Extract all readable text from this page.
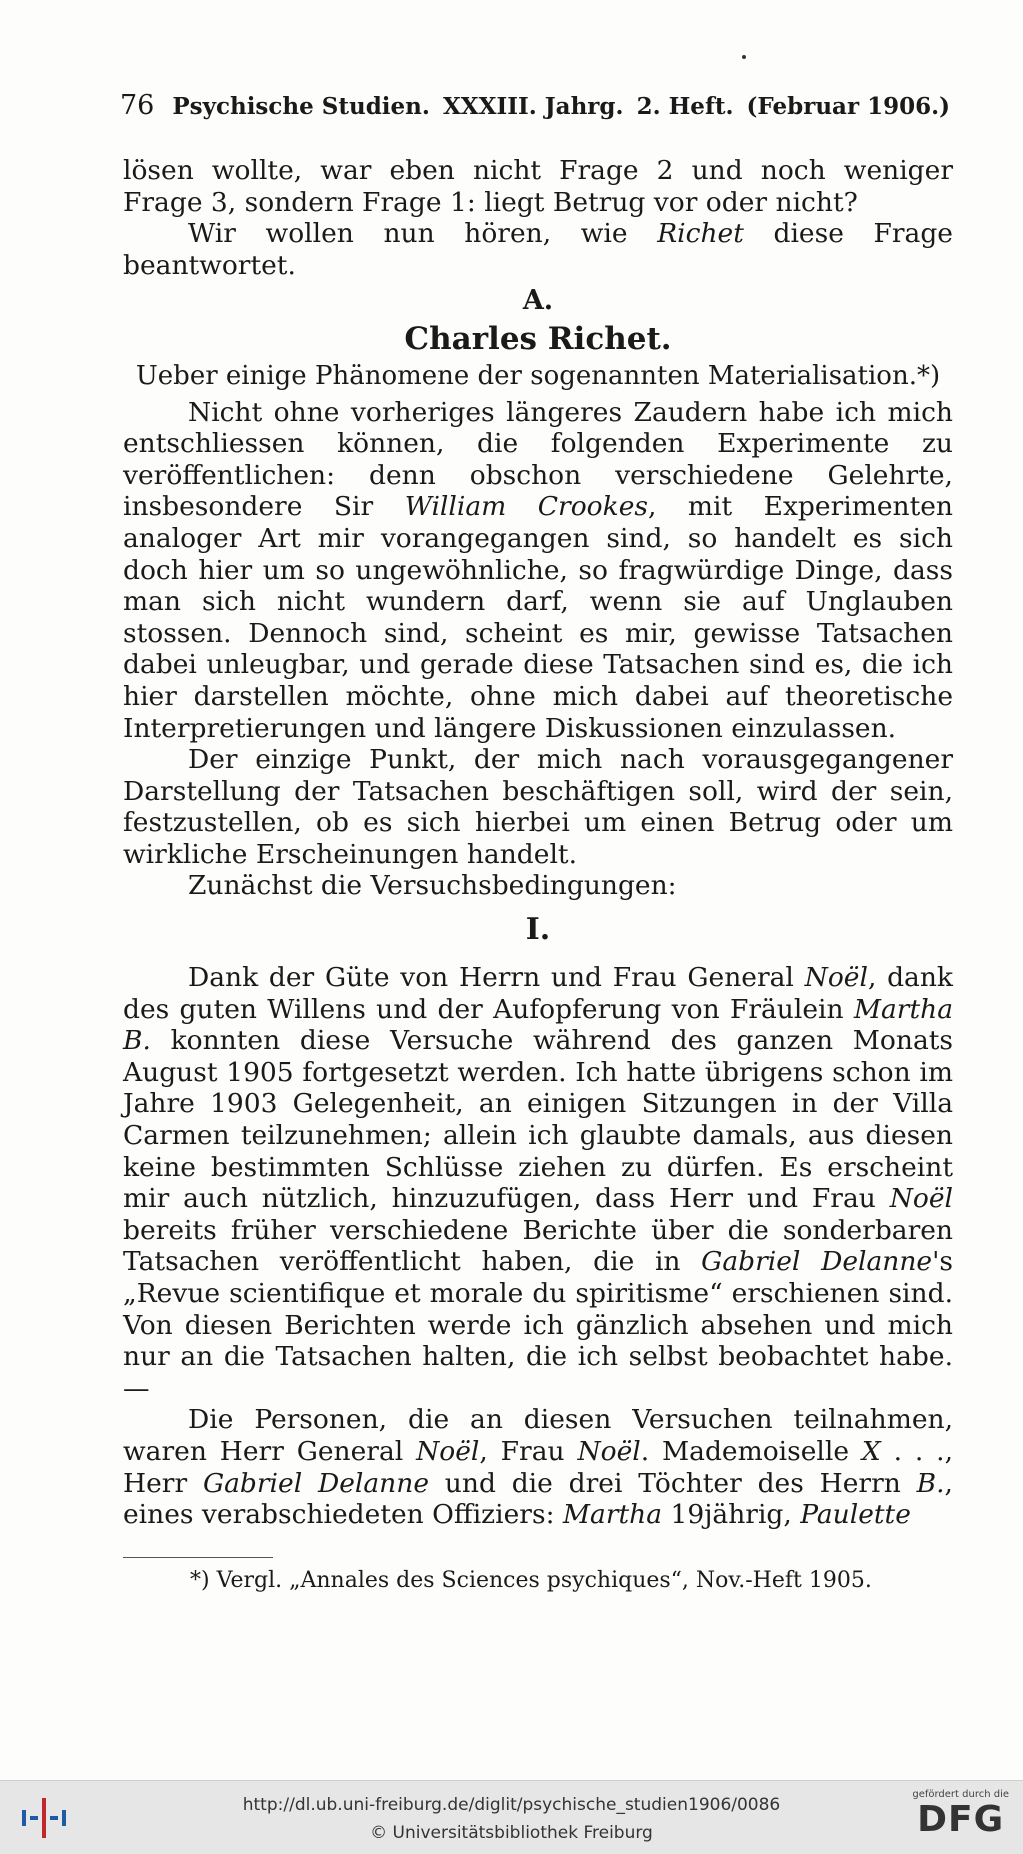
76 Psychische Studien. XXXIII. Jahrg. 2. Heft. (Februar 1906.)

lösen wollte, war eben nicht Frage 2 und noch weniger Frage 3, sondern Frage 1: liegt Betrug vor oder nicht?

Wir wollen nun hören, wie Richet diese Frage beantwortet.

A.
Charles Richet.
Ueber einige Phänomene der sogenannten Materialisation.*)

Nicht ohne vorheriges längeres Zaudern habe ich mich entschliessen können, die folgenden Experimente zu veröffentlichen: denn obschon verschiedene Gelehrte, insbesondere Sir William Crookes, mit Experimenten analoger Art mir vorangegangen sind, so handelt es sich doch hier um so ungewöhnliche, so fragwürdige Dinge, dass man sich nicht wundern darf, wenn sie auf Unglauben stossen. Dennoch sind, scheint es mir, gewisse Tatsachen dabei unleugbar, und gerade diese Tatsachen sind es, die ich hier darstellen möchte, ohne mich dabei auf theoretische Interpretierungen und längere Diskussionen einzulassen.

Der einzige Punkt, der mich nach vorausgegangener Darstellung der Tatsachen beschäftigen soll, wird der sein, festzustellen, ob es sich hierbei um einen Betrug oder um wirkliche Erscheinungen handelt.

Zunächst die Versuchsbedingungen:

I.

Dank der Güte von Herrn und Frau General Noël, dank des guten Willens und der Aufopferung von Fräulein Martha B. konnten diese Versuche während des ganzen Monats August 1905 fortgesetzt werden. Ich hatte übrigens schon im Jahre 1903 Gelegenheit, an einigen Sitzungen in der Villa Carmen teilzunehmen; allein ich glaubte damals, aus diesen keine bestimmten Schlüsse ziehen zu dürfen. Es erscheint mir auch nützlich, hinzuzufügen, dass Herr und Frau Noël bereits früher verschiedene Berichte über die sonderbaren Tatsachen veröffentlicht haben, die in Gabriel Delanne's „Revue scientifique et morale du spiritisme“ erschienen sind. Von diesen Berichten werde ich gänzlich absehen und mich nur an die Tatsachen halten, die ich selbst beobachtet habe. —

Die Personen, die an diesen Versuchen teilnahmen, waren Herr General Noël, Frau Noël. Mademoiselle X . . ., Herr Gabriel Delanne und die drei Töchter des Herrn B., eines verabschiedeten Offiziers: Martha 19jährig, Paulette

*) Vergl. „Annales des Sciences psychiques“, Nov.-Heft 1905.
http://dl.ub.uni-freiburg.de/diglit/psychische_studien1906/0086
© Universitätsbibliothek Freiburg
gefördert durch die
DFG
